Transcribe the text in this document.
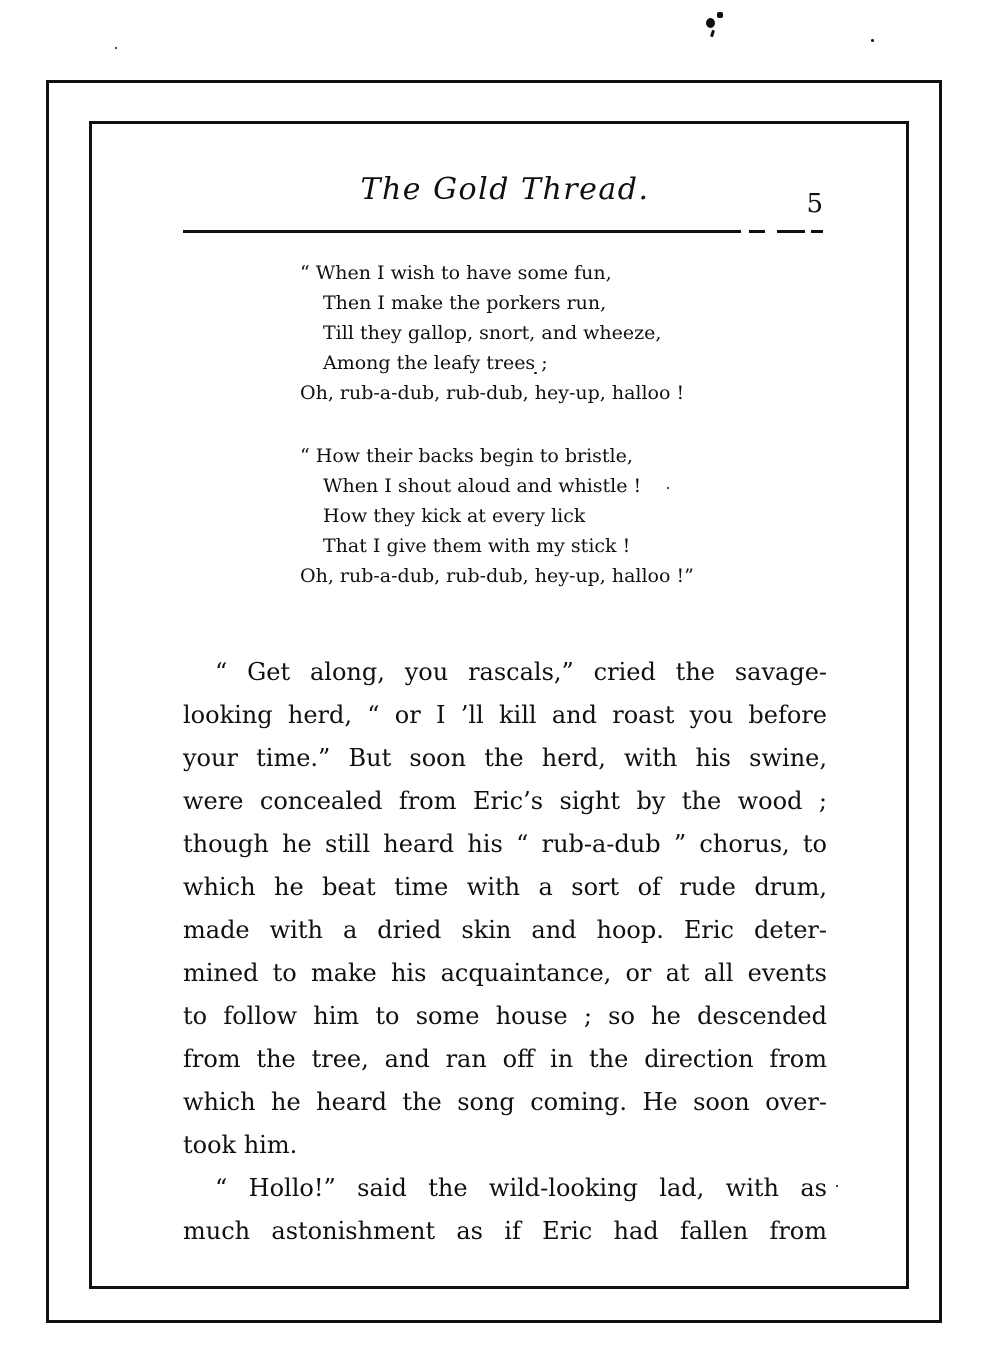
The Gold Thread.	5
“ When I wish to have some fun,
Then I make the porkers run,
Till they gallop, snort, and wheeze,
Among the leafy trees ;
Oh, rub-a-dub, rub-dub, hey-up, halloo !
“ How their backs begin to bristle,
When I shout aloud and whistle !
How they kick at every lick
That I give them with my stick !
Oh, rub-a-dub, rub-dub, hey-up, halloo !”
“ Get along, you rascals,” cried the savage-
looking herd, “ or I ’ll kill and roast you before
your time.” But soon the herd, with his swine,
were concealed from Eric’s sight by the wood ;
though he still heard his “ rub-a-dub ” chorus, to
which he beat time with a sort of rude drum,
made with a dried skin and hoop. Eric deter-
mined to make his acquaintance, or at all events
to follow him to some house ; so he descended
from the tree, and ran off in the direction from
which he heard the song coming. He soon over-
took him.
“ Hollo!” said the wild-looking lad, with as
much astonishment as if Eric had fallen from
